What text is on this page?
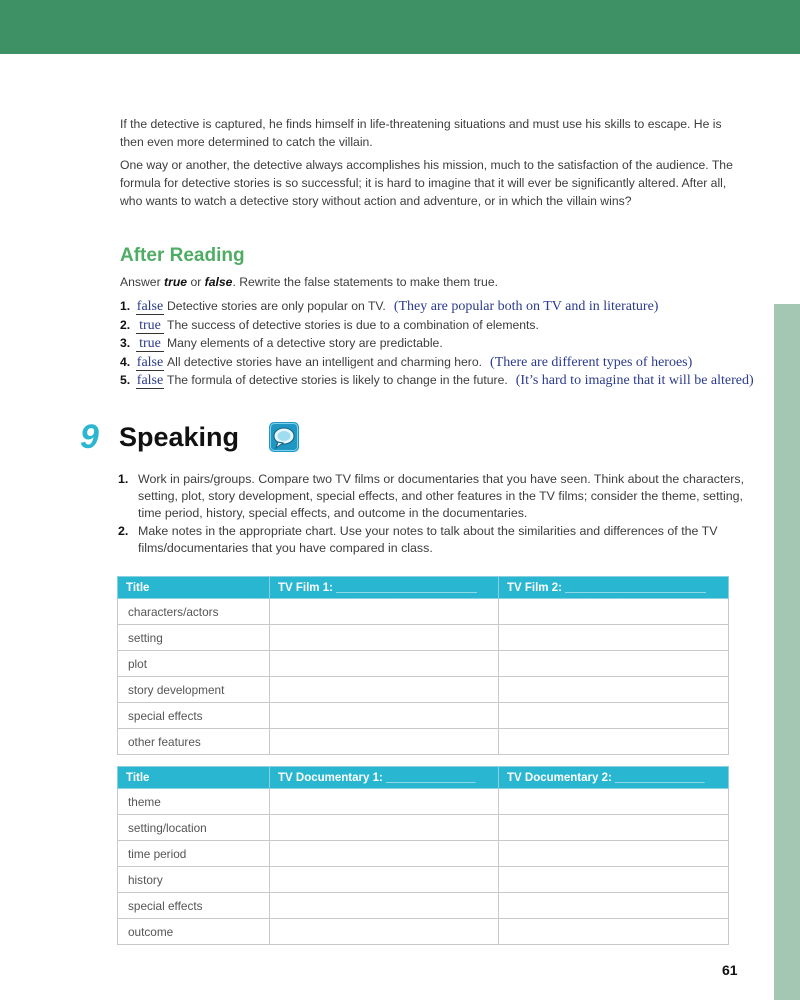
If the detective is captured, he finds himself in life-threatening situations and must use his skills to escape. He is then even more determined to catch the villain.

One way or another, the detective always accomplishes his mission, much to the satisfaction of the audience. The formula for detective stories is so successful; it is hard to imagine that it will ever be significantly altered. After all, who wants to watch a detective story without action and adventure, or in which the villain wins?

After Reading
Answer true or false. Rewrite the false statements to make them true.
1. false Detective stories are only popular on TV. (They are popular both on TV and in literature)
2. true The success of detective stories is due to a combination of elements.
3. true Many elements of a detective story are predictable.
4. false All detective stories have an intelligent and charming hero. (There are different types of heroes)
5. false The formula of detective stories is likely to change in the future. (It’s hard to imagine that it will be altered)
9 Speaking
1. Work in pairs/groups. Compare two TV films or documentaries that you have seen. Think about the characters, setting, plot, story development, special effects, and other features in the TV films; consider the theme, setting, time period, history, special effects, and outcome in the documentaries.
2. Make notes in the appropriate chart. Use your notes to talk about the similarities and differences of the TV films/documentaries that you have compared in class.
Title	TV Film 1: ______________________	TV Film 2: ______________________
characters/actors		
setting		
plot		
story development		
special effects		
other features		
Title	TV Documentary 1: ______________	TV Documentary 2: ______________
theme		
setting/location		
time period		
history		
special effects		
outcome		
61
